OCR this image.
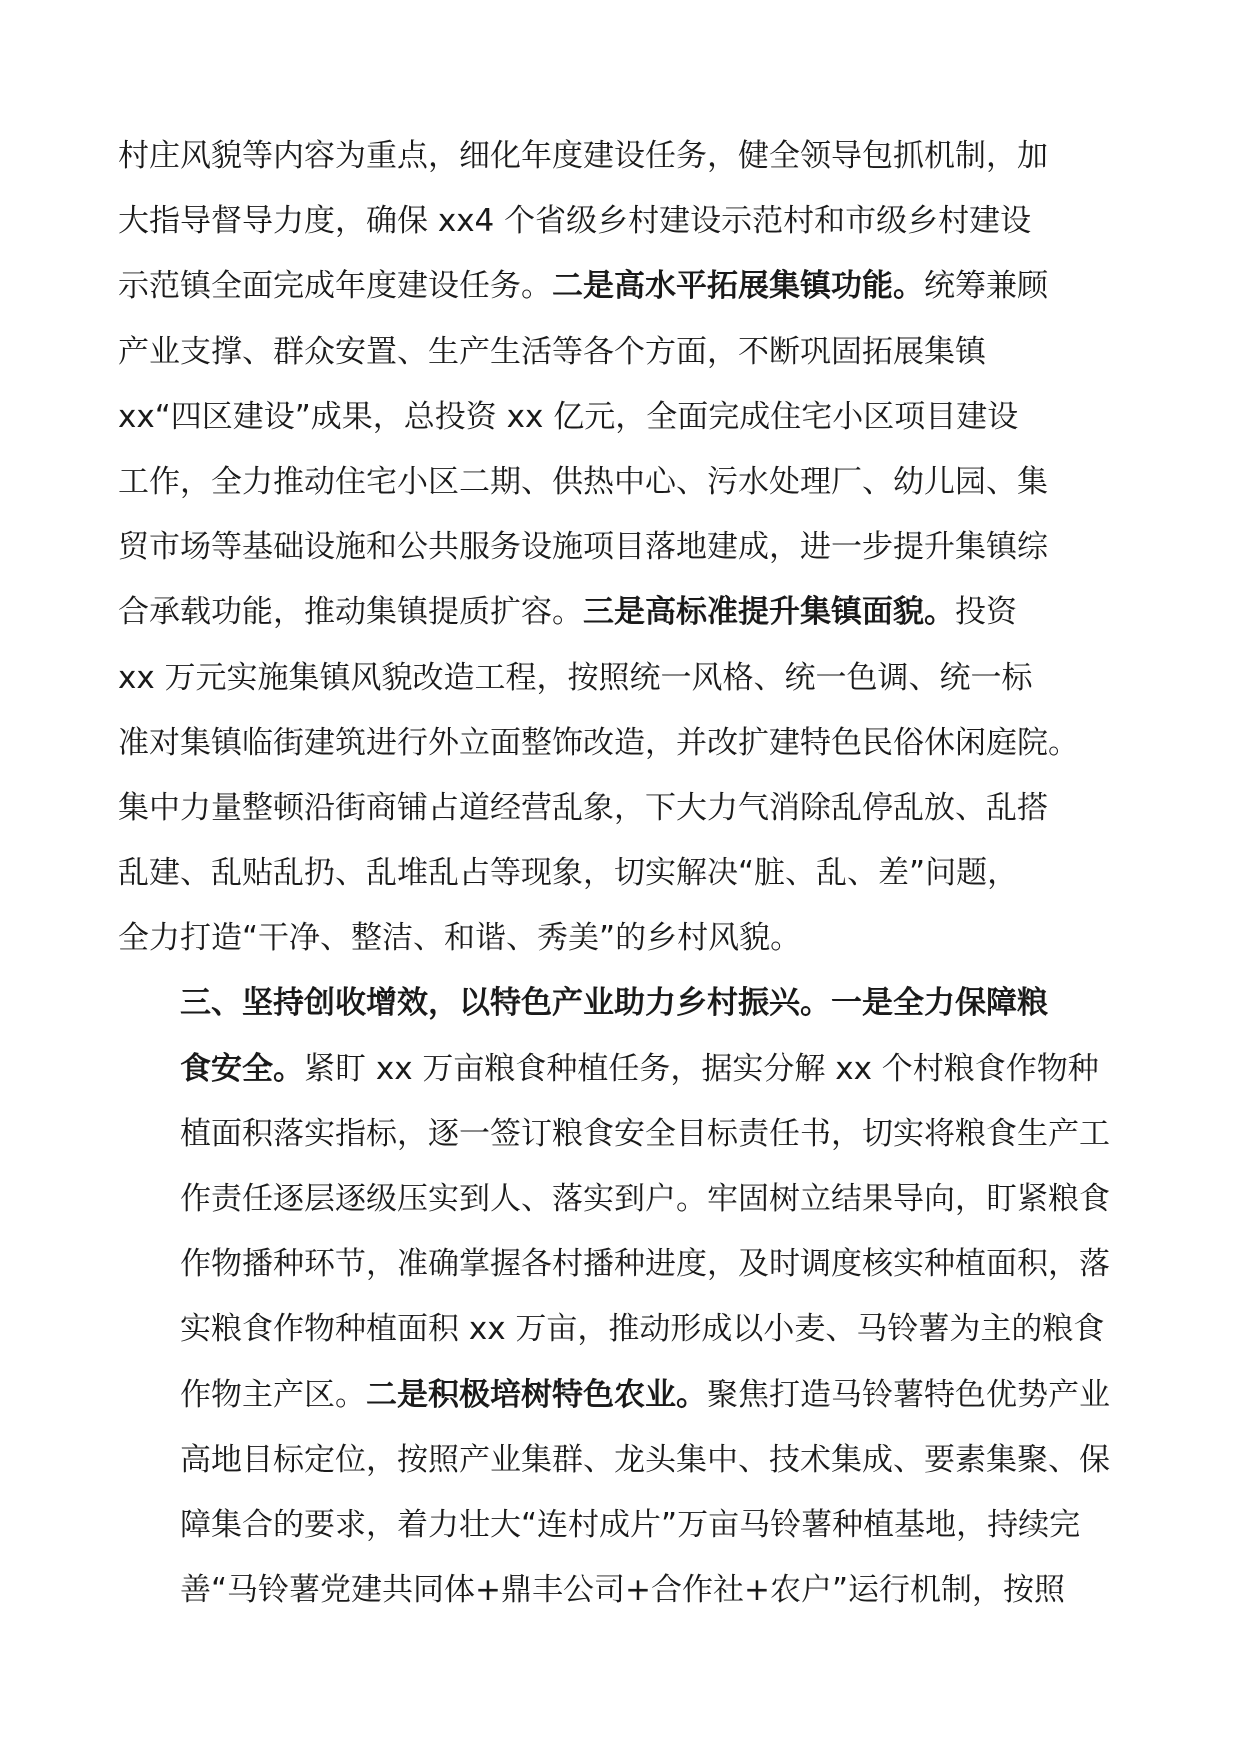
村庄风貌等内容为重点，细化年度建设任务，健全领导包抓机制，加
大指导督导力度，确保 xx4 个省级乡村建设示范村和市级乡村建设
示范镇全面完成年度建设任务。二是高水平拓展集镇功能。统筹兼顾
产业支撑、群众安置、生产生活等各个方面，不断巩固拓展集镇
xx“四区建设”成果，总投资 xx 亿元，全面完成住宅小区项目建设
工作，全力推动住宅小区二期、供热中心、污水处理厂、幼儿园、集
贸市场等基础设施和公共服务设施项目落地建成，进一步提升集镇综
合承载功能，推动集镇提质扩容。三是高标准提升集镇面貌。投资
xx 万元实施集镇风貌改造工程，按照统一风格、统一色调、统一标
准对集镇临街建筑进行外立面整饰改造，并改扩建特色民俗休闲庭院。
集中力量整顿沿街商铺占道经营乱象，下大力气消除乱停乱放、乱搭
乱建、乱贴乱扔、乱堆乱占等现象，切实解决“脏、乱、差”问题，
全力打造“干净、整洁、和谐、秀美”的乡村风貌。
三、坚持创收增效，以特色产业助力乡村振兴。一是全力保障粮
食安全。紧盯 xx 万亩粮食种植任务，据实分解 xx 个村粮食作物种
植面积落实指标，逐一签订粮食安全目标责任书，切实将粮食生产工
作责任逐层逐级压实到人、落实到户。牢固树立结果导向，盯紧粮食
作物播种环节，准确掌握各村播种进度，及时调度核实种植面积，落
实粮食作物种植面积 xx 万亩，推动形成以小麦、马铃薯为主的粮食
作物主产区。二是积极培树特色农业。聚焦打造马铃薯特色优势产业
高地目标定位，按照产业集群、龙头集中、技术集成、要素集聚、保
障集合的要求，着力壮大“连村成片”万亩马铃薯种植基地，持续完
善“马铃薯党建共同体+鼎丰公司+合作社+农户”运行机制，按照
